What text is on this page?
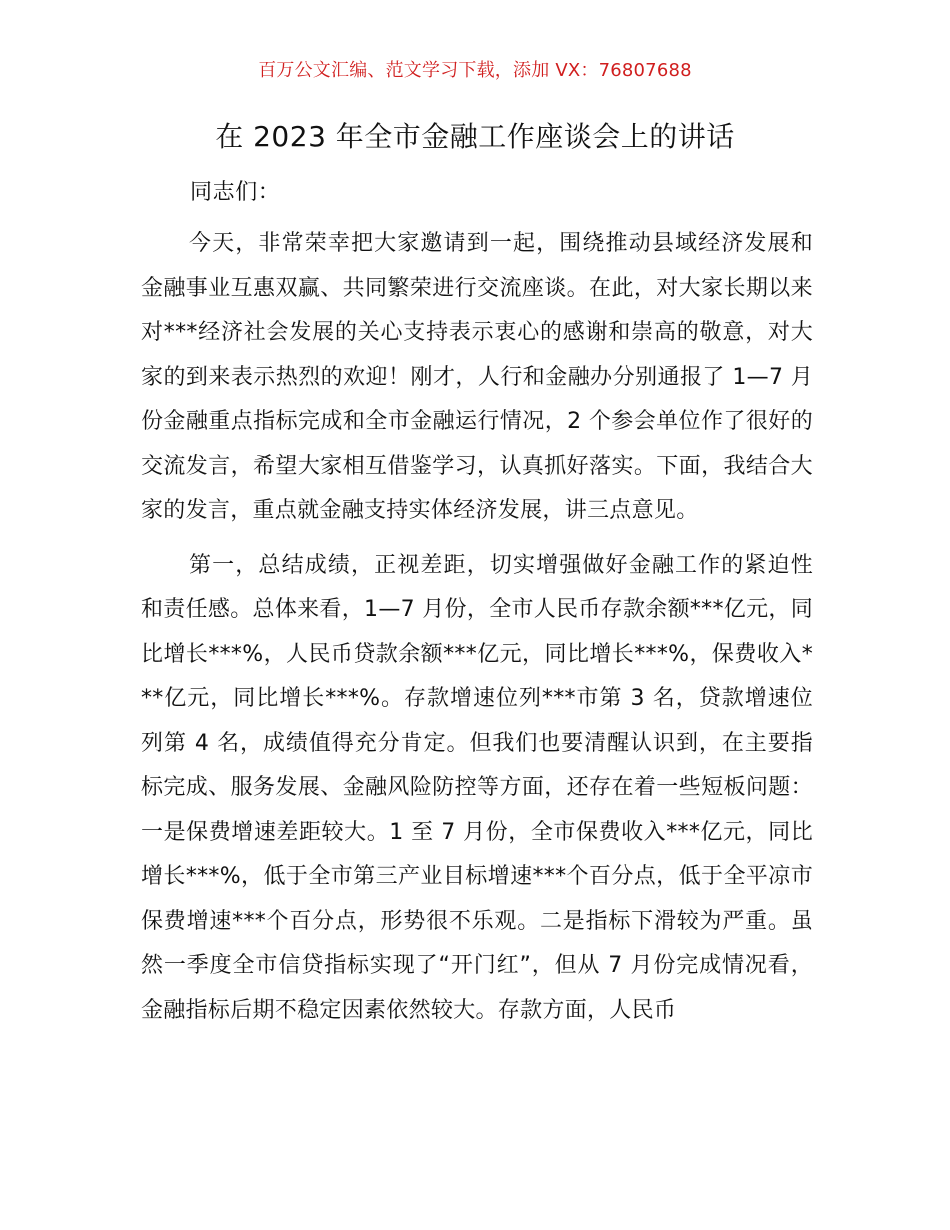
百万公文汇编、范文学习下载，添加 VX：76807688
在 2023 年全市金融工作座谈会上的讲话
同志们：

今天，非常荣幸把大家邀请到一起，围绕推动县域经济发展和金融事业互惠双赢、共同繁荣进行交流座谈。在此，对大家长期以来对***经济社会发展的关心支持表示衷心的感谢和崇高的敬意，对大家的到来表示热烈的欢迎！刚才，人行和金融办分别通报了 1—7 月份金融重点指标完成和全市金融运行情况，2 个参会单位作了很好的交流发言，希望大家相互借鉴学习，认真抓好落实。下面，我结合大家的发言，重点就金融支持实体经济发展，讲三点意见。

第一，总结成绩，正视差距，切实增强做好金融工作的紧迫性和责任感。总体来看，1—7 月份，全市人民币存款余额***亿元，同比增长***%，人民币贷款余额***亿元，同比增长***%，保费收入***亿元，同比增长***%。存款增速位列***市第 3 名，贷款增速位列第 4 名，成绩值得充分肯定。但我们也要清醒认识到，在主要指标完成、服务发展、金融风险防控等方面，还存在着一些短板问题：一是保费增速差距较大。1 至 7 月份，全市保费收入***亿元，同比增长***%，低于全市第三产业目标增速***个百分点，低于全平凉市保费增速***个百分点，形势很不乐观。二是指标下滑较为严重。虽然一季度全市信贷指标实现了“开门红”，但从 7 月份完成情况看，金融指标后期不稳定因素依然较大。存款方面，人民币
